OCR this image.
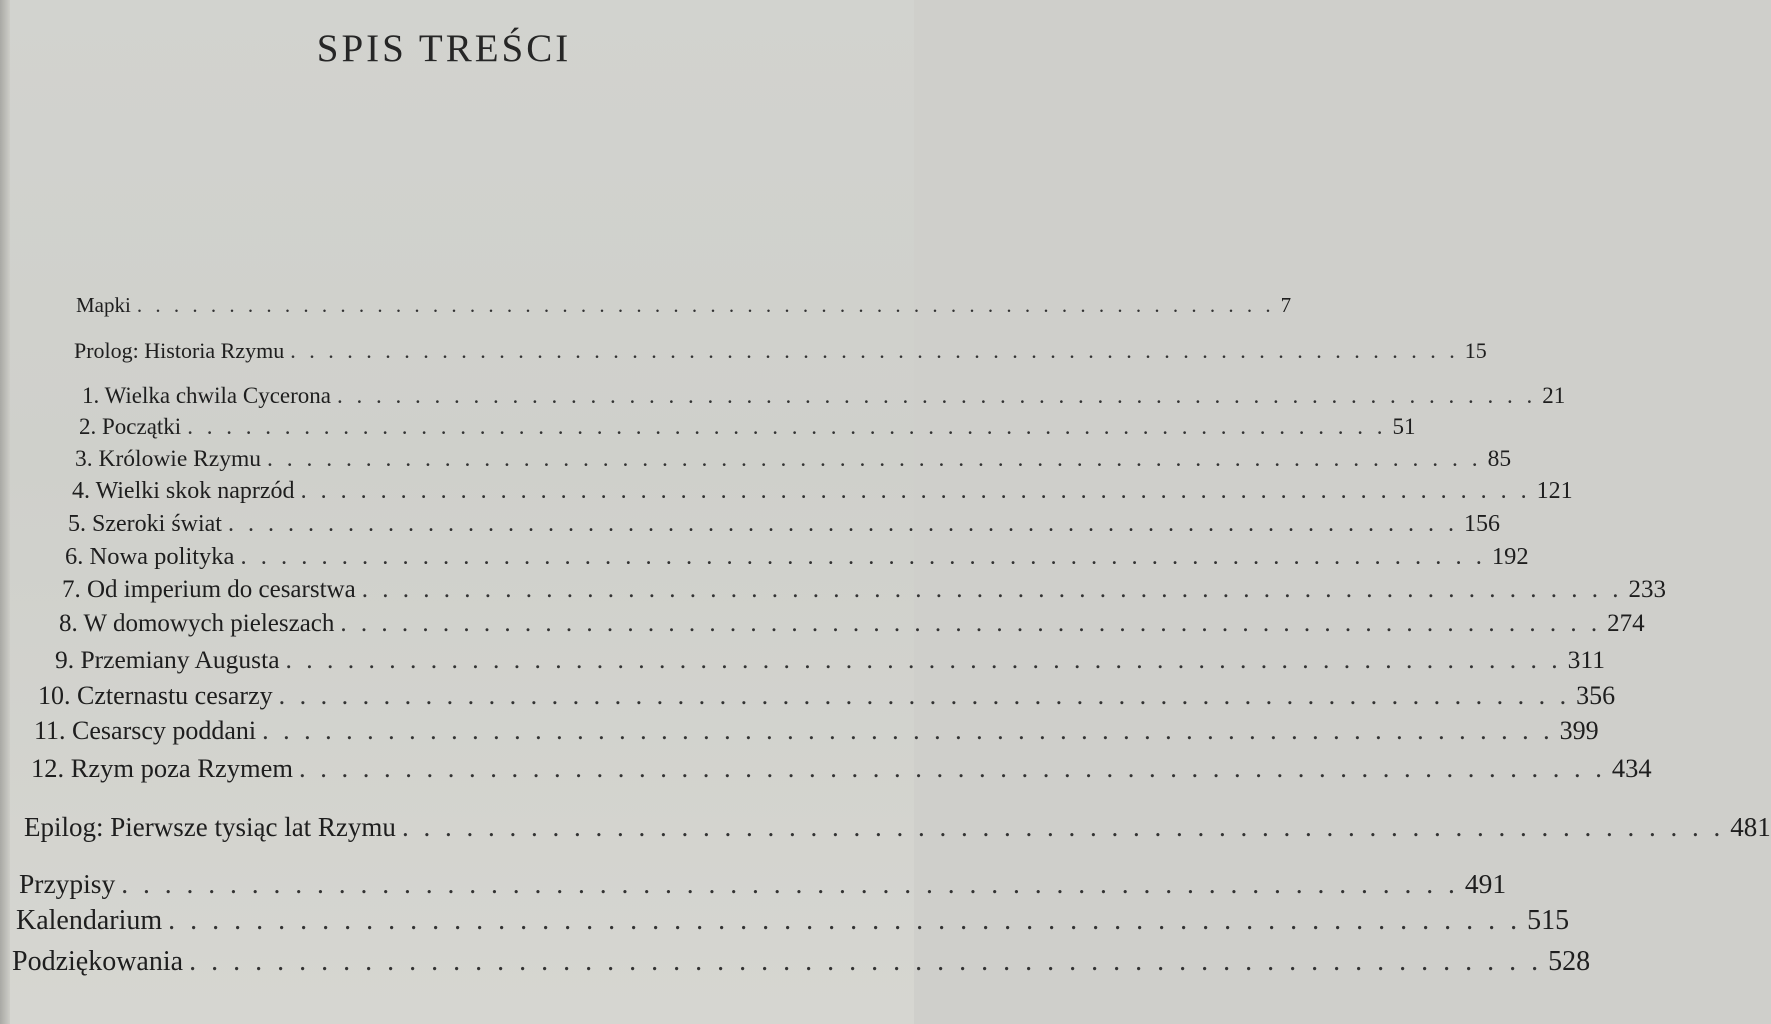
SPIS TREŚCI
Mapki . . . . . . . . . . . . . . . . . . . . . . . . . . . . . . . . . . . . . . . . . . . . . . . . . . . . . . . . . . . . . . 7
Prolog: Historia Rzymu . . . . . . . . . . . . . . . . . . . . . . . . . . . . . . . . . . . . . . . . . . . . . . . . . . . . . . . . . . . . . . 15
1. Wielka chwila Cycerona . . . . . . . . . . . . . . . . . . . . . . . . . . . . . . . . . . . . . . . . . . . . . . . . . . . . . . . . . . . . . . 21
2. Początki . . . . . . . . . . . . . . . . . . . . . . . . . . . . . . . . . . . . . . . . . . . . . . . . . . . . . . . . . . . . . . 51
3. Królowie Rzymu . . . . . . . . . . . . . . . . . . . . . . . . . . . . . . . . . . . . . . . . . . . . . . . . . . . . . . . . . . . . . . 85
4. Wielki skok naprzód . . . . . . . . . . . . . . . . . . . . . . . . . . . . . . . . . . . . . . . . . . . . . . . . . . . . . . . . . . . . . . 121
5. Szeroki świat . . . . . . . . . . . . . . . . . . . . . . . . . . . . . . . . . . . . . . . . . . . . . . . . . . . . . . . . . . . . . . 156
6. Nowa polityka . . . . . . . . . . . . . . . . . . . . . . . . . . . . . . . . . . . . . . . . . . . . . . . . . . . . . . . . . . . . . . 192
7. Od imperium do cesarstwa . . . . . . . . . . . . . . . . . . . . . . . . . . . . . . . . . . . . . . . . . . . . . . . . . . . . . . . . . . . . . . 233
8. W domowych pieleszach . . . . . . . . . . . . . . . . . . . . . . . . . . . . . . . . . . . . . . . . . . . . . . . . . . . . . . . . . . . . . . 274
9. Przemiany Augusta . . . . . . . . . . . . . . . . . . . . . . . . . . . . . . . . . . . . . . . . . . . . . . . . . . . . . . . . . . . . . . 311
10. Czternastu cesarzy . . . . . . . . . . . . . . . . . . . . . . . . . . . . . . . . . . . . . . . . . . . . . . . . . . . . . . . . . . . . . . 356
11. Cesarscy poddani . . . . . . . . . . . . . . . . . . . . . . . . . . . . . . . . . . . . . . . . . . . . . . . . . . . . . . . . . . . . . . 399
12. Rzym poza Rzymem . . . . . . . . . . . . . . . . . . . . . . . . . . . . . . . . . . . . . . . . . . . . . . . . . . . . . . . . . . . . . . 434
Epilog: Pierwsze tysiąc lat Rzymu . . . . . . . . . . . . . . . . . . . . . . . . . . . . . . . . . . . . . . . . . . . . . . . . . . . . . . . . . . . . . . 481
Przypisy . . . . . . . . . . . . . . . . . . . . . . . . . . . . . . . . . . . . . . . . . . . . . . . . . . . . . . . . . . . . . . 491
Kalendarium . . . . . . . . . . . . . . . . . . . . . . . . . . . . . . . . . . . . . . . . . . . . . . . . . . . . . . . . . . . . . . 515
Podziękowania . . . . . . . . . . . . . . . . . . . . . . . . . . . . . . . . . . . . . . . . . . . . . . . . . . . . . . . . . . . . . . 528
